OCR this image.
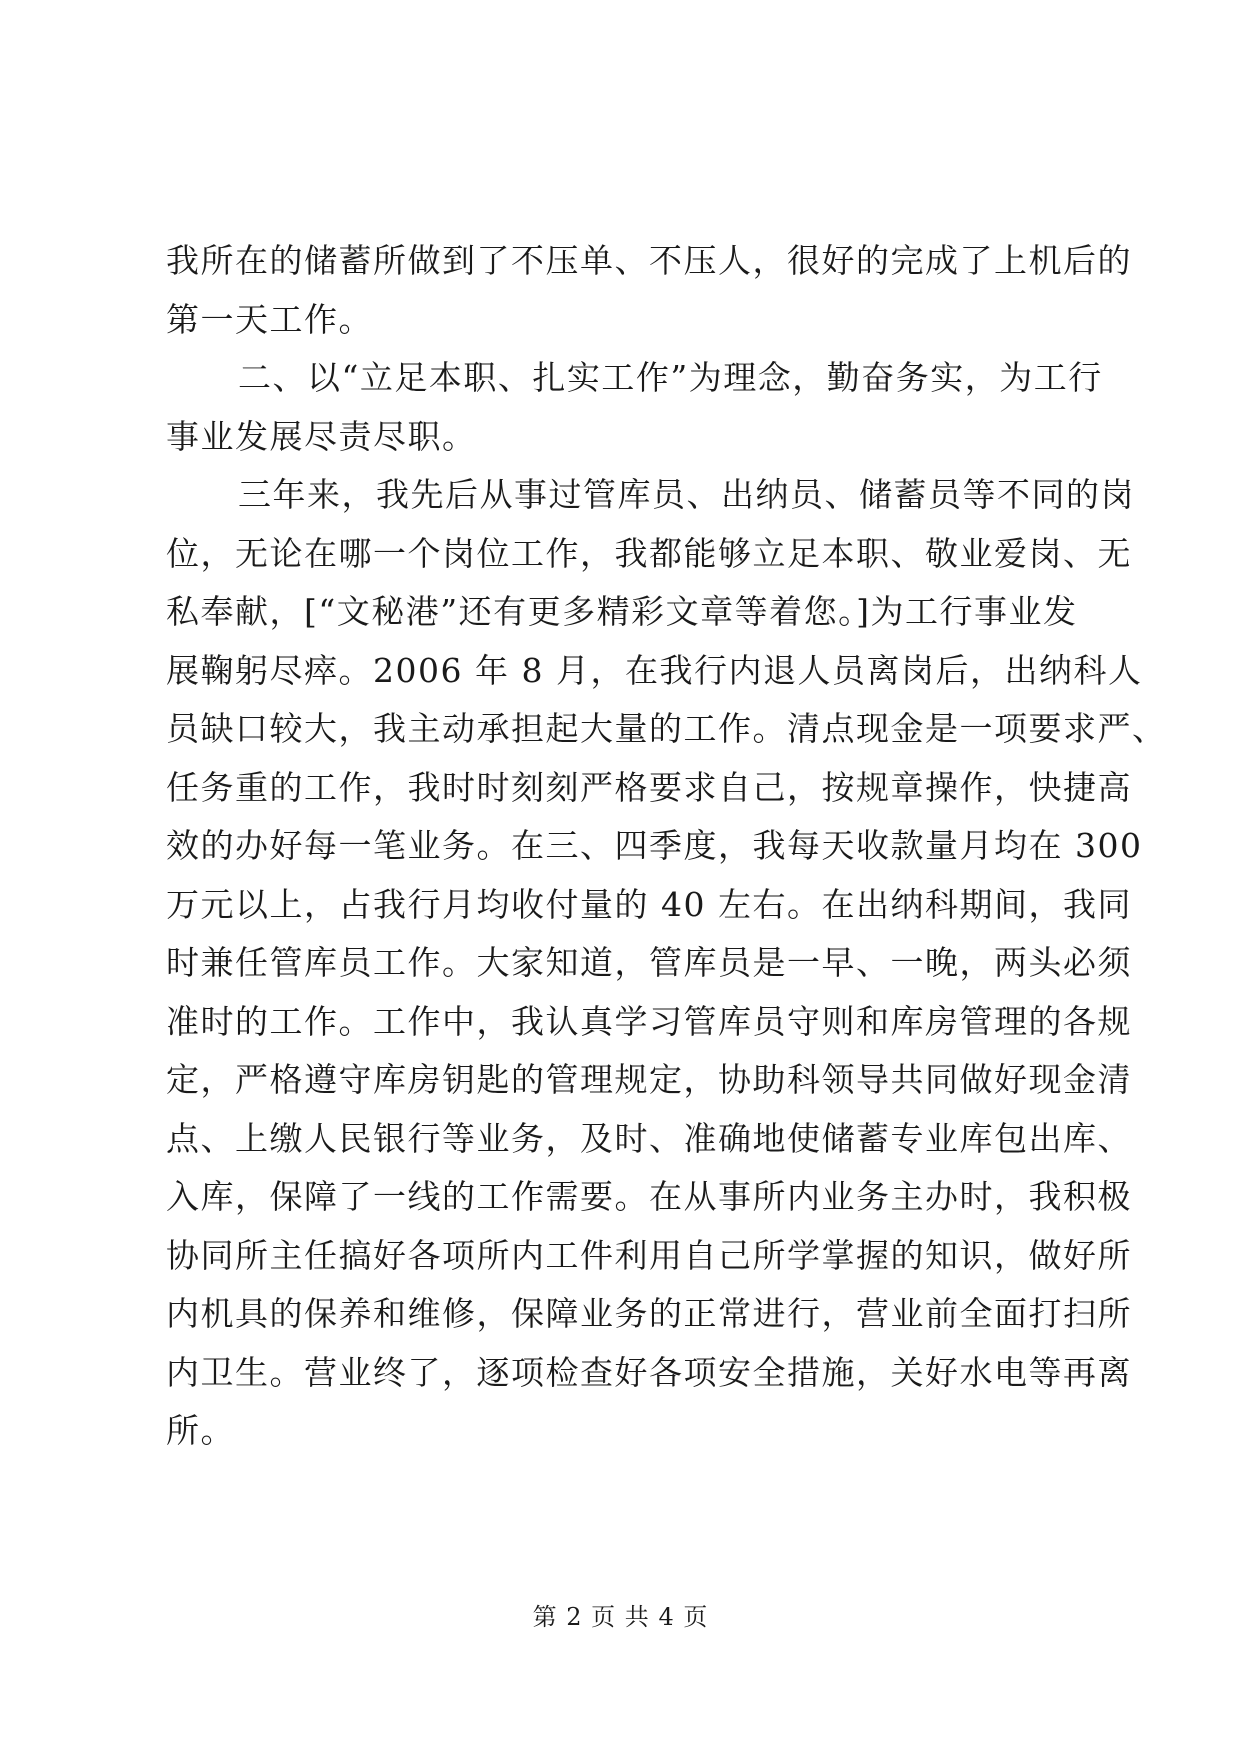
我所在的储蓄所做到了不压单、不压人，很好的完成了上机后的
第一天工作。
二、以“立足本职、扎实工作”为理念，勤奋务实，为工行
事业发展尽责尽职。
三年来，我先后从事过管库员、出纳员、储蓄员等不同的岗
位，无论在哪一个岗位工作，我都能够立足本职、敬业爱岗、无
私奉献，[“文秘港”还有更多精彩文章等着您。]为工行事业发
展鞠躬尽瘁。2006 年 8 月，在我行内退人员离岗后，出纳科人
员缺口较大，我主动承担起大量的工作。清点现金是一项要求严、
任务重的工作，我时时刻刻严格要求自己，按规章操作，快捷高
效的办好每一笔业务。在三、四季度，我每天收款量月均在 300
万元以上，占我行月均收付量的 40 左右。在出纳科期间，我同
时兼任管库员工作。大家知道，管库员是一早、一晚，两头必须
准时的工作。工作中，我认真学习管库员守则和库房管理的各规
定，严格遵守库房钥匙的管理规定，协助科领导共同做好现金清
点、上缴人民银行等业务，及时、准确地使储蓄专业库包出库、
入库，保障了一线的工作需要。在从事所内业务主办时，我积极
协同所主任搞好各项所内工件利用自己所学掌握的知识，做好所
内机具的保养和维修，保障业务的正常进行，营业前全面打扫所
内卫生。营业终了，逐项检查好各项安全措施，关好水电等再离
所。
第 2 页 共 4 页
